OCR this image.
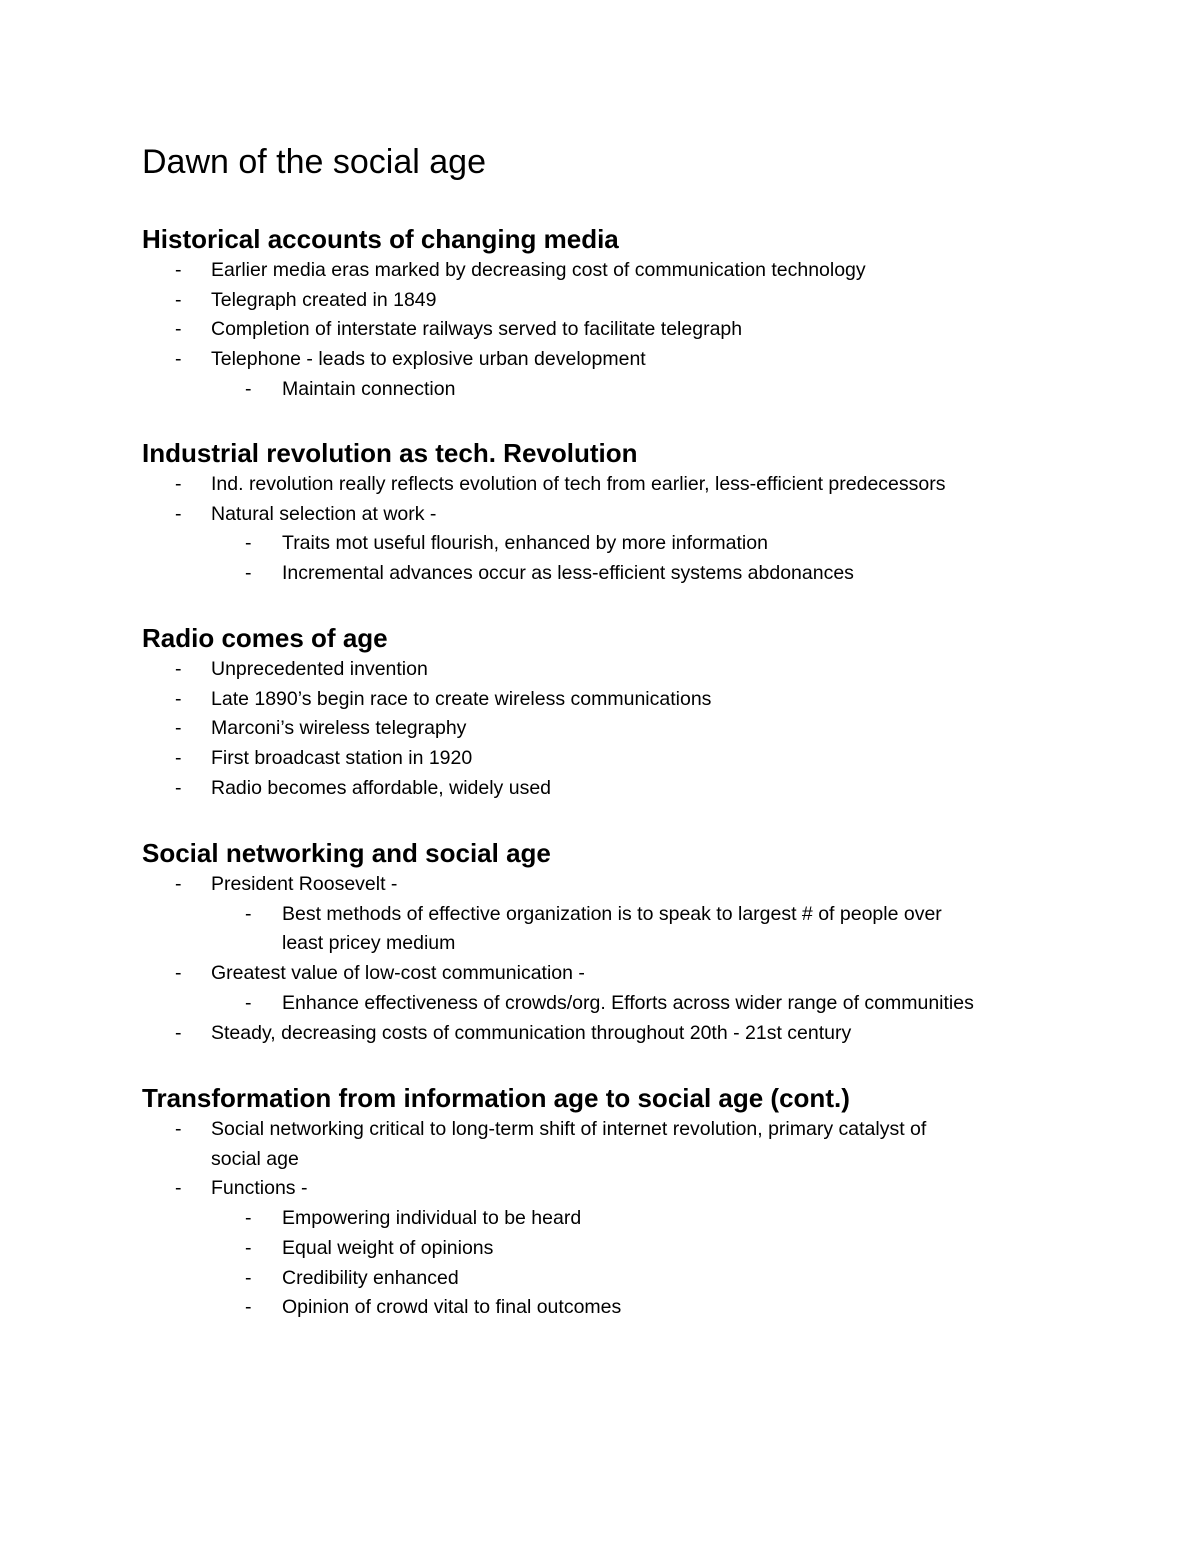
Dawn of the social age
Historical accounts of changing media
- Earlier media eras marked by decreasing cost of communication technology
- Telegraph created in 1849
- Completion of interstate railways served to facilitate telegraph
- Telephone - leads to explosive urban development
- Maintain connection
Industrial revolution as tech. Revolution
- Ind. revolution really reflects evolution of tech from earlier, less-efficient predecessors
- Natural selection at work -
- Traits mot useful flourish, enhanced by more information
- Incremental advances occur as less-efficient systems abdonances
Radio comes of age
- Unprecedented invention
- Late 1890’s begin race to create wireless communications
- Marconi’s wireless telegraphy
- First broadcast station in 1920
- Radio becomes affordable, widely used
Social networking and social age
- President Roosevelt -
- Best methods of effective organization is to speak to largest # of people over
least pricey medium
- Greatest value of low-cost communication -
- Enhance effectiveness of crowds/org. Efforts across wider range of communities
- Steady, decreasing costs of communication throughout 20th - 21st century
Transformation from information age to social age (cont.)
- Social networking critical to long-term shift of internet revolution, primary catalyst of
social age
- Functions -
- Empowering individual to be heard
- Equal weight of opinions
- Credibility enhanced
- Opinion of crowd vital to final outcomes
